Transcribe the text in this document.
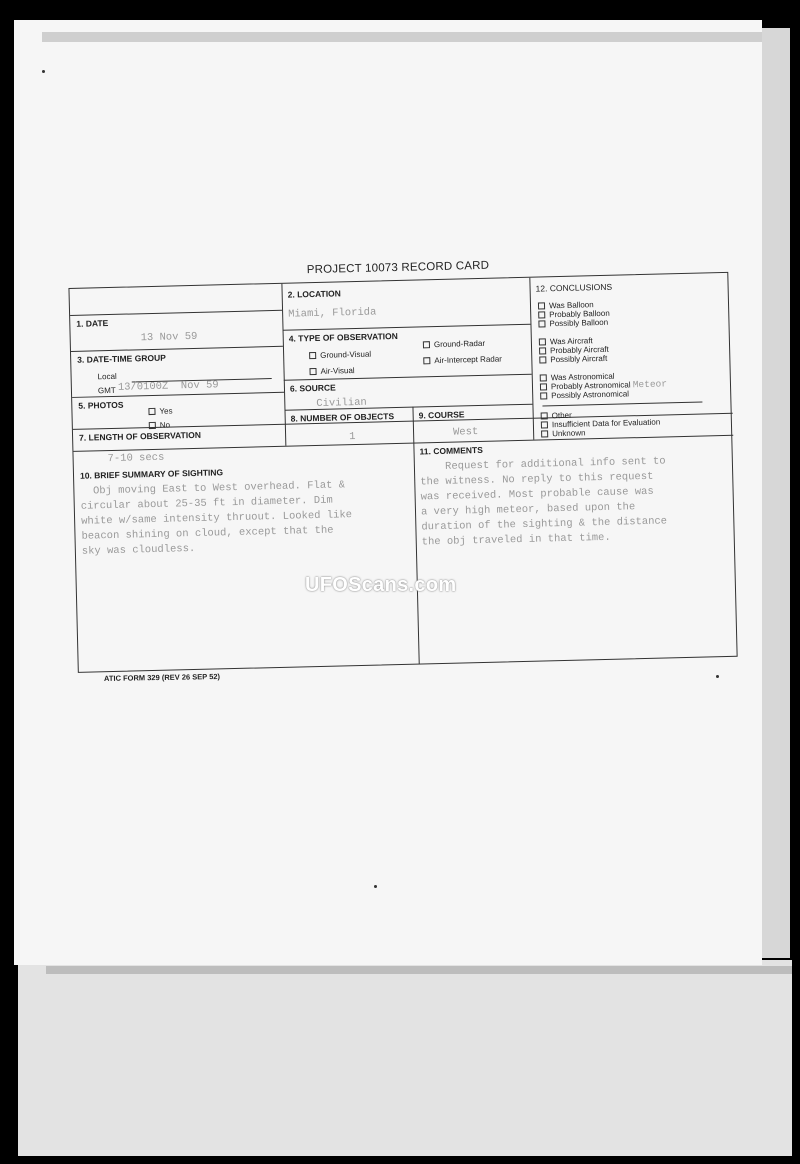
PROJECT 10073 RECORD CARD
1. DATE
13 Nov 59
2. LOCATION
Miami, Florida
3. DATE-TIME GROUP
Local
GMT 13/0100Z  Nov 59
4. TYPE OF OBSERVATION
Ground-Visual
Ground-Radar
Air-Visual
Air-Intercept Radar
5. PHOTOS
Yes
No
6. SOURCE
Civilian
7. LENGTH OF OBSERVATION
7-10 secs
8. NUMBER OF OBJECTS
1
9. COURSE
West
10. BRIEF SUMMARY OF SIGHTING
Obj moving East to West overhead. Flat &
circular about 25-35 ft in diameter. Dim
white w/same intensity thruout. Looked like
beacon shining on cloud, except that the
sky was cloudless.
11. COMMENTS
Request for additional info sent to
the witness. No reply to this request
was received. Most probable cause was
a very high meteor, based upon the
duration of the sighting & the distance
the obj traveled in that time.
12. CONCLUSIONS
Was Balloon
Probably Balloon
Possibly Balloon
Was Aircraft
Probably Aircraft
Possibly Aircraft
Was Astronomical
Probably Astronomical Meteor
Possibly Astronomical
Other
Insufficient Data for Evaluation
Unknown
ATIC FORM 329 (REV 26 SEP 52)
UFOScans.com
